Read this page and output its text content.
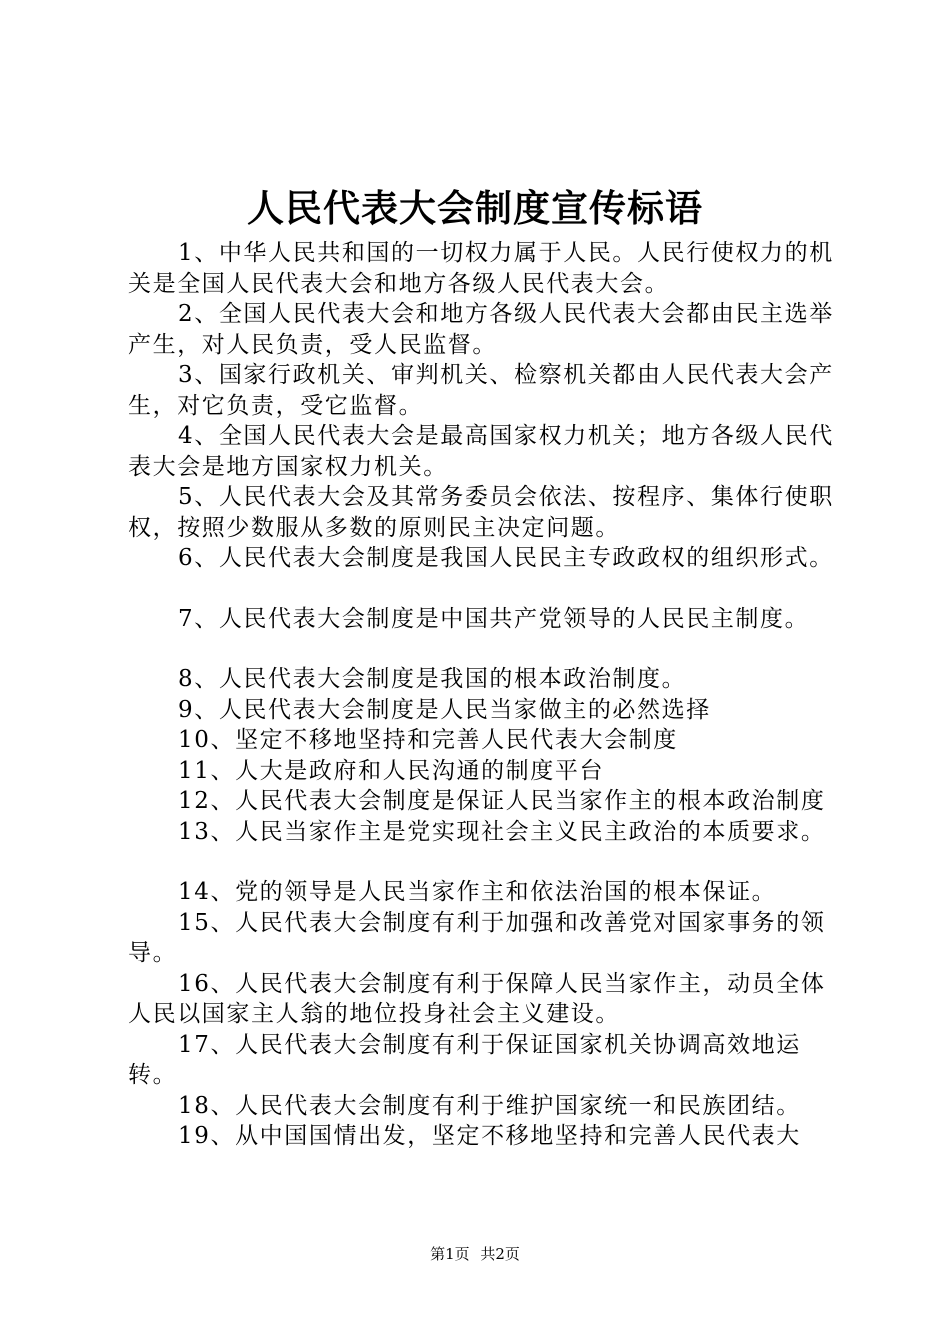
人民代表大会制度宣传标语

1、中华人民共和国的一切权力属于人民。人民行使权力的机关是全国人民代表大会和地方各级人民代表大会。

2、全国人民代表大会和地方各级人民代表大会都由民主选举产生，对人民负责，受人民监督。

3、国家行政机关、审判机关、检察机关都由人民代表大会产生，对它负责，受它监督。

4、全国人民代表大会是最高国家权力机关；地方各级人民代表大会是地方国家权力机关。

5、人民代表大会及其常务委员会依法、按程序、集体行使职权，按照少数服从多数的原则民主决定问题。

6、人民代表大会制度是我国人民民主专政政权的组织形式。

7、人民代表大会制度是中国共产党领导的人民民主制度。

8、人民代表大会制度是我国的根本政治制度。

9、人民代表大会制度是人民当家做主的必然选择

10、坚定不移地坚持和完善人民代表大会制度

11、人大是政府和人民沟通的制度平台

12、人民代表大会制度是保证人民当家作主的根本政治制度

13、人民当家作主是党实现社会主义民主政治的本质要求。

14、党的领导是人民当家作主和依法治国的根本保证。

15、人民代表大会制度有利于加强和改善党对国家事务的领导。

16、人民代表大会制度有利于保障人民当家作主，动员全体人民以国家主人翁的地位投身社会主义建设。

17、人民代表大会制度有利于保证国家机关协调高效地运转。

18、人民代表大会制度有利于维护国家统一和民族团结。

19、从中国国情出发，坚定不移地坚持和完善人民代表大

第1页 共2页
